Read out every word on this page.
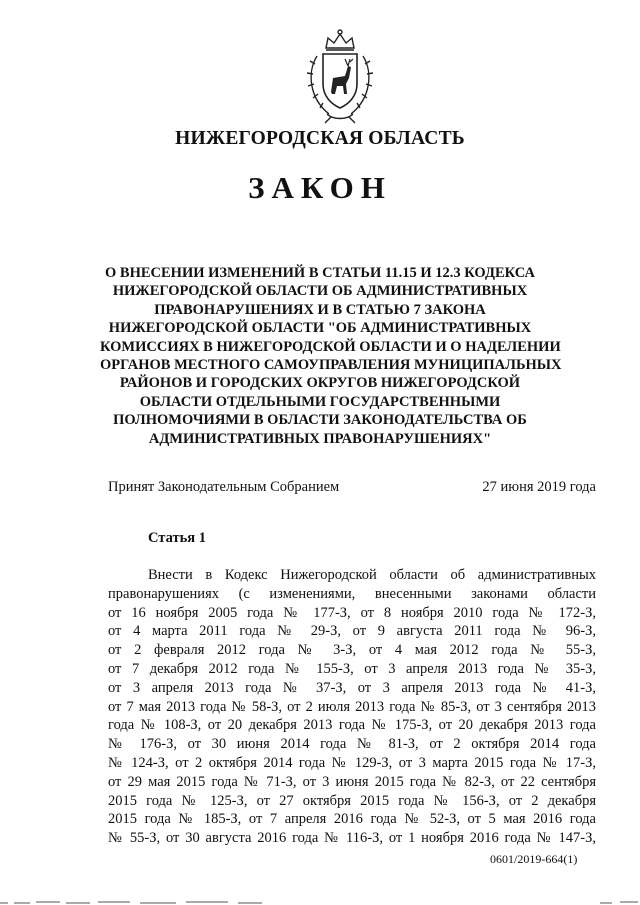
НИЖЕГОРОДСКАЯ ОБЛАСТЬ
ЗАКОН
О ВНЕСЕНИИ ИЗМЕНЕНИЙ В СТАТЬИ 11.15 И 12.3 КОДЕКСА
НИЖЕГОРОДСКОЙ ОБЛАСТИ ОБ АДМИНИСТРАТИВНЫХ
ПРАВОНАРУШЕНИЯХ И В СТАТЬЮ 7 ЗАКОНА
НИЖЕГОРОДСКОЙ ОБЛАСТИ "ОБ АДМИНИСТРАТИВНЫХ
КОМИССИЯХ В НИЖЕГОРОДСКОЙ ОБЛАСТИ И О НАДЕЛЕНИИ
ОРГАНОВ МЕСТНОГО САМОУПРАВЛЕНИЯ МУНИЦИПАЛЬНЫХ
РАЙОНОВ И ГОРОДСКИХ ОКРУГОВ НИЖЕГОРОДСКОЙ
ОБЛАСТИ ОТДЕЛЬНЫМИ ГОСУДАРСТВЕННЫМИ
ПОЛНОМОЧИЯМИ В ОБЛАСТИ ЗАКОНОДАТЕЛЬСТВА ОБ
АДМИНИСТРАТИВНЫХ ПРАВОНАРУШЕНИЯХ"
Принят Законодательным Собранием	27 июня 2019 года
Статья 1
Внести в Кодекс Нижегородской области об административных
правонарушениях (с изменениями, внесенными законами области
от 16 ноября 2005 года № 177-З, от 8 ноября 2010 года № 172-З,
от 4 марта 2011 года № 29-З, от 9 августа 2011 года № 96-З,
от 2 февраля 2012 года № 3-З, от 4 мая 2012 года № 55-З,
от 7 декабря 2012 года № 155-З, от 3 апреля 2013 года № 35-З,
от 3 апреля 2013 года № 37-З, от 3 апреля 2013 года № 41-З,
от 7 мая 2013 года № 58-З, от 2 июля 2013 года № 85-З, от 3 сентября 2013
года № 108-З, от 20 декабря 2013 года № 175-З, от 20 декабря 2013 года
№ 176-З, от 30 июня 2014 года № 81-З, от 2 октября 2014 года
№ 124-З, от 2 октября 2014 года № 129-З, от 3 марта 2015 года № 17-З,
от 29 мая 2015 года № 71-З, от 3 июня 2015 года № 82-З, от 22 сентября
2015 года № 125-З, от 27 октября 2015 года № 156-З, от 2 декабря
2015 года № 185-З, от 7 апреля 2016 года № 52-З, от 5 мая 2016 года
№ 55-З, от 30 августа 2016 года № 116-З, от 1 ноября 2016 года № 147-З,
0601/2019-664(1)
